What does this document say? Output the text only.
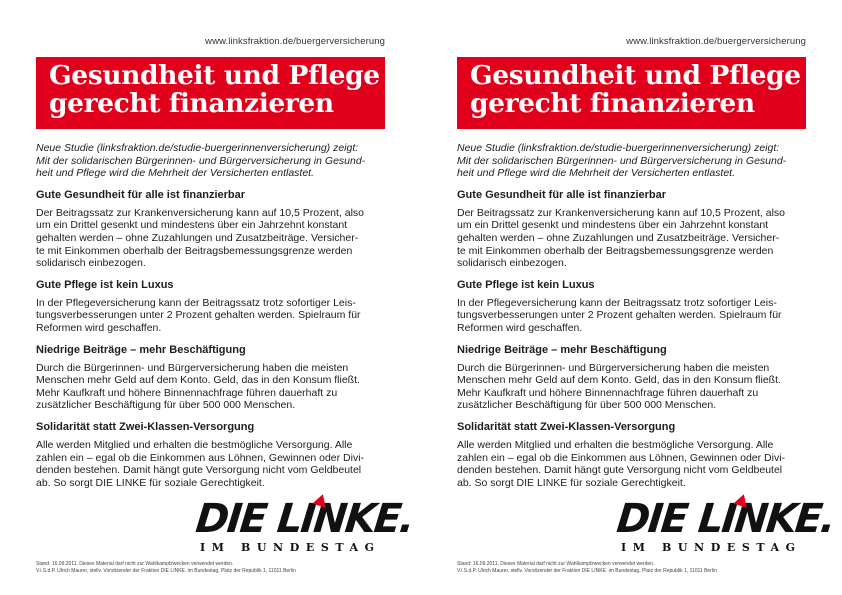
www.linksfraktion.de/buergerversicherung
Gesundheit und Pflege
gerecht finanzieren
Neue Studie (linksfraktion.de/studie-buergerinnenversicherung) zeigt:
Mit der solidarischen Bürgerinnen- und Bürgerversicherung in Gesund-
heit und Pflege wird die Mehrheit der Versicherten entlastet.
Gute Gesundheit für alle ist finanzierbar
Der Beitragssatz zur Krankenversicherung kann auf 10,5 Prozent, also
um ein Drittel gesenkt und mindestens über ein Jahrzehnt konstant
gehalten werden – ohne Zuzahlungen und Zusatzbeiträge. Versicher-
te mit Einkommen oberhalb der Beitragsbemessungsgrenze werden
solidarisch einbezogen.
Gute Pflege ist kein Luxus
In der Pflegeversicherung kann der Beitragssatz trotz sofortiger Leis-
tungsverbesserungen unter 2 Prozent gehalten werden. Spielraum für
Reformen wird geschaffen.
Niedrige Beiträge – mehr Beschäftigung
Durch die Bürgerinnen- und Bürgerversicherung haben die meisten
Menschen mehr Geld auf dem Konto. Geld, das in den Konsum fließt.
Mehr Kaufkraft und höhere Binnennachfrage führen dauerhaft zu
zusätzlicher Beschäftigung für über 500 000 Menschen.
Solidarität statt Zwei-Klassen-Versorgung
Alle werden Mitglied und erhalten die bestmögliche Versorgung. Alle
zahlen ein – egal ob die Einkommen aus Löhnen, Gewinnen oder Divi-
denden bestehen. Damit hängt gute Versorgung nicht vom Geldbeutel
ab. So sorgt DIE LINKE für soziale Gerechtigkeit.
DIE LINKE.
IM BUNDESTAG
Stand: 16.09.2011. Dieses Material darf nicht zur Wahlkampfzwecken verwendet werden.
V.i.S.d.P. Ulrich Maurer, stellv. Vorsitzender der Fraktion DIE LINKE. im Bundestag, Platz der Republik 1, 11011 Berlin
www.linksfraktion.de/buergerversicherung
Gesundheit und Pflege
gerecht finanzieren
Neue Studie (linksfraktion.de/studie-buergerinnenversicherung) zeigt:
Mit der solidarischen Bürgerinnen- und Bürgerversicherung in Gesund-
heit und Pflege wird die Mehrheit der Versicherten entlastet.
Gute Gesundheit für alle ist finanzierbar
Der Beitragssatz zur Krankenversicherung kann auf 10,5 Prozent, also
um ein Drittel gesenkt und mindestens über ein Jahrzehnt konstant
gehalten werden – ohne Zuzahlungen und Zusatzbeiträge. Versicher-
te mit Einkommen oberhalb der Beitragsbemessungsgrenze werden
solidarisch einbezogen.
Gute Pflege ist kein Luxus
In der Pflegeversicherung kann der Beitragssatz trotz sofortiger Leis-
tungsverbesserungen unter 2 Prozent gehalten werden. Spielraum für
Reformen wird geschaffen.
Niedrige Beiträge – mehr Beschäftigung
Durch die Bürgerinnen- und Bürgerversicherung haben die meisten
Menschen mehr Geld auf dem Konto. Geld, das in den Konsum fließt.
Mehr Kaufkraft und höhere Binnennachfrage führen dauerhaft zu
zusätzlicher Beschäftigung für über 500 000 Menschen.
Solidarität statt Zwei-Klassen-Versorgung
Alle werden Mitglied und erhalten die bestmögliche Versorgung. Alle
zahlen ein – egal ob die Einkommen aus Löhnen, Gewinnen oder Divi-
denden bestehen. Damit hängt gute Versorgung nicht vom Geldbeutel
ab. So sorgt DIE LINKE für soziale Gerechtigkeit.
DIE LINKE.
IM BUNDESTAG
Stand: 16.09.2011. Dieses Material darf nicht zur Wahlkampfzwecken verwendet werden.
V.i.S.d.P. Ulrich Maurer, stellv. Vorsitzender der Fraktion DIE LINKE. im Bundestag, Platz der Republik 1, 11011 Berlin
